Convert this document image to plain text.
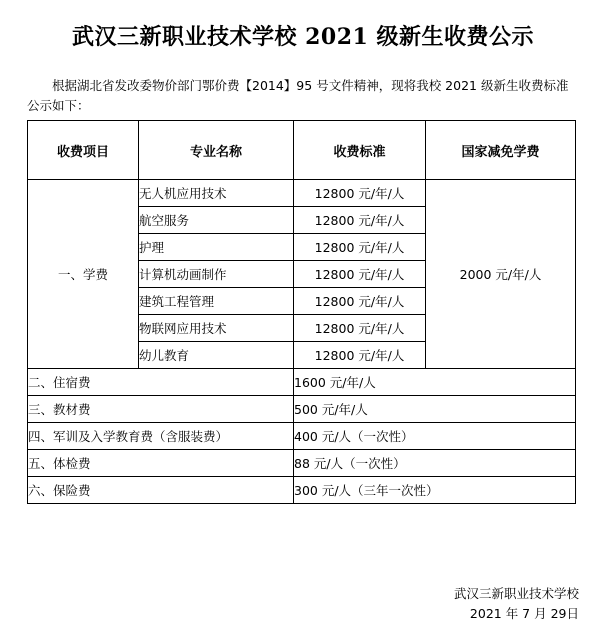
武汉三新职业技术学校 2021 级新生收费公示
根据湖北省发改委物价部门鄂价费【2014】95 号文件精神，现将我校 2021 级新生收费标准公示如下：
收费项目	专业名称	收费标准	国家减免学费
一、学费	无人机应用技术	12800 元/年/人	2000 元/年/人
	航空服务	12800 元/年/人	
	护理	12800 元/年/人	
	计算机动画制作	12800 元/年/人	
	建筑工程管理	12800 元/年/人	
	物联网应用技术	12800 元/年/人	
	幼儿教育	12800 元/年/人	
二、住宿费		1600 元/年/人	
三、教材费		500 元/年/人	
四、军训及入学教育费（含服装费）		400 元/人（一次性）	
五、体检费		88 元/人（一次性）	
六、保险费		300 元/人（三年一次性）	
武汉三新职业技术学校
2021 年 7 月 29日
